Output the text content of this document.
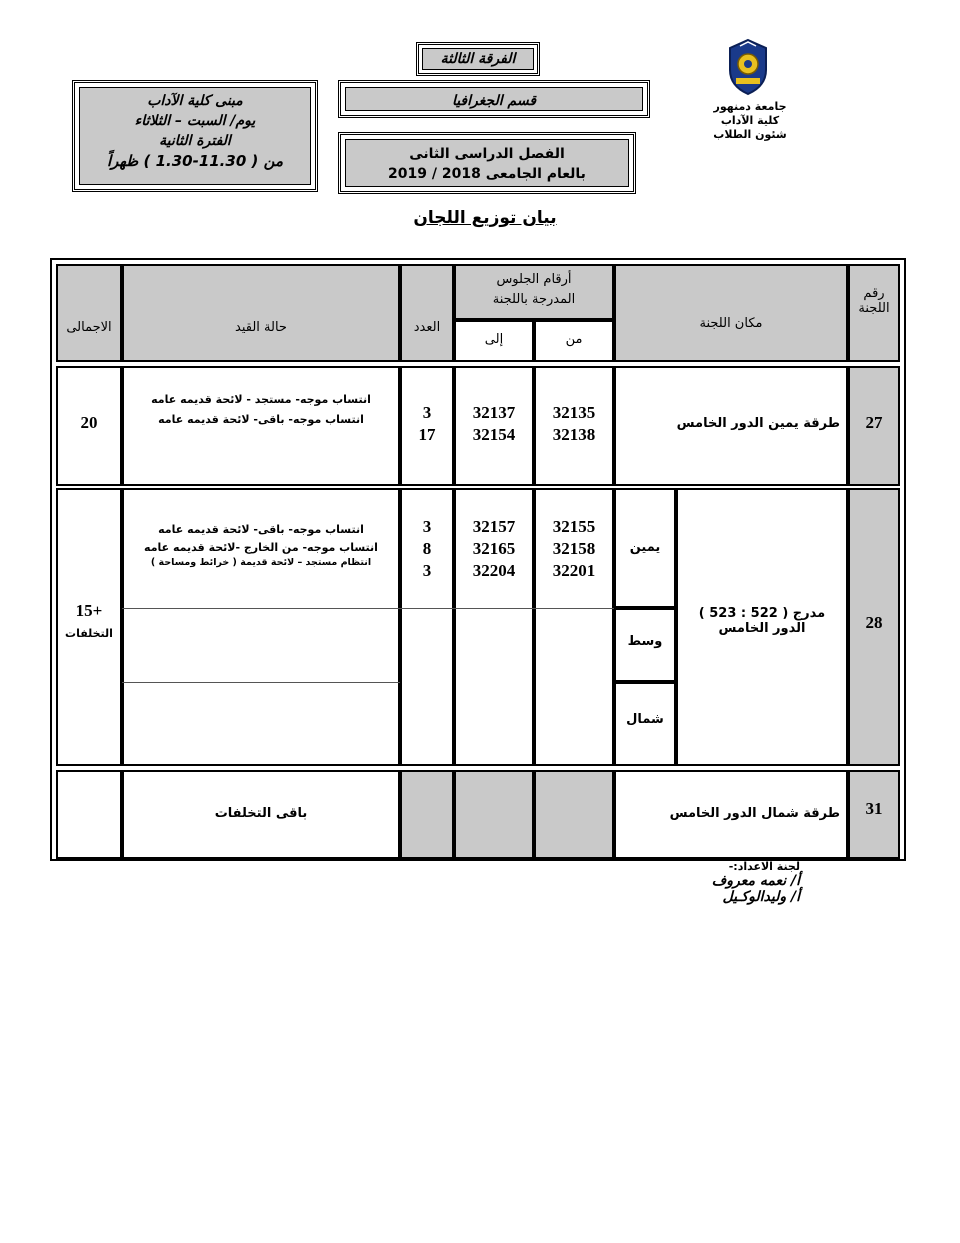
الفرقة الثالثة
قسم الجغرافيا
الفصل الدراسى الثانى
بالعام الجامعى 2018 / 2019
مبنى كلية الآداب
يوم/ السبت – الثلاثاء
الفترة الثانية
من ( 11.30-1.30 ) ظهراً
جامعة دمنهور
كلية الآداب
شئون الطلاب
بيان توزيع اللجان
رقم اللجنة
مكان اللجنة
أرقام الجلوس المدرجة باللجنة
من
إلى
العدد
حالة القيد
الاجمالى
27
طرقة يمين الدور الخامس
32135
32138
32137
32154
3
17
انتساب موجه- مستجد - لائحة قديمه عامه
انتساب موجه- باقى- لائحة قديمه عامه
20
28
مدرج ( 522 : 523 )
الدور الخامس
يمين
وسط
شمال
32155
32158
32201
32157
32165
32204
3
8
3
انتساب موجه- باقى- لائحة قديمه عامه
انتساب موجه- من الخارج -لائحة قديمه عامه
انتظام مستجد – لائحة قديمة ( خرائط ومساحة )
+15
التخلفات
31
طرقة شمال الدور الخامس
باقى التخلفات
لجنة الاعداد:-
أ/ نعمه معروف
أ/ وليدالوكـيل
